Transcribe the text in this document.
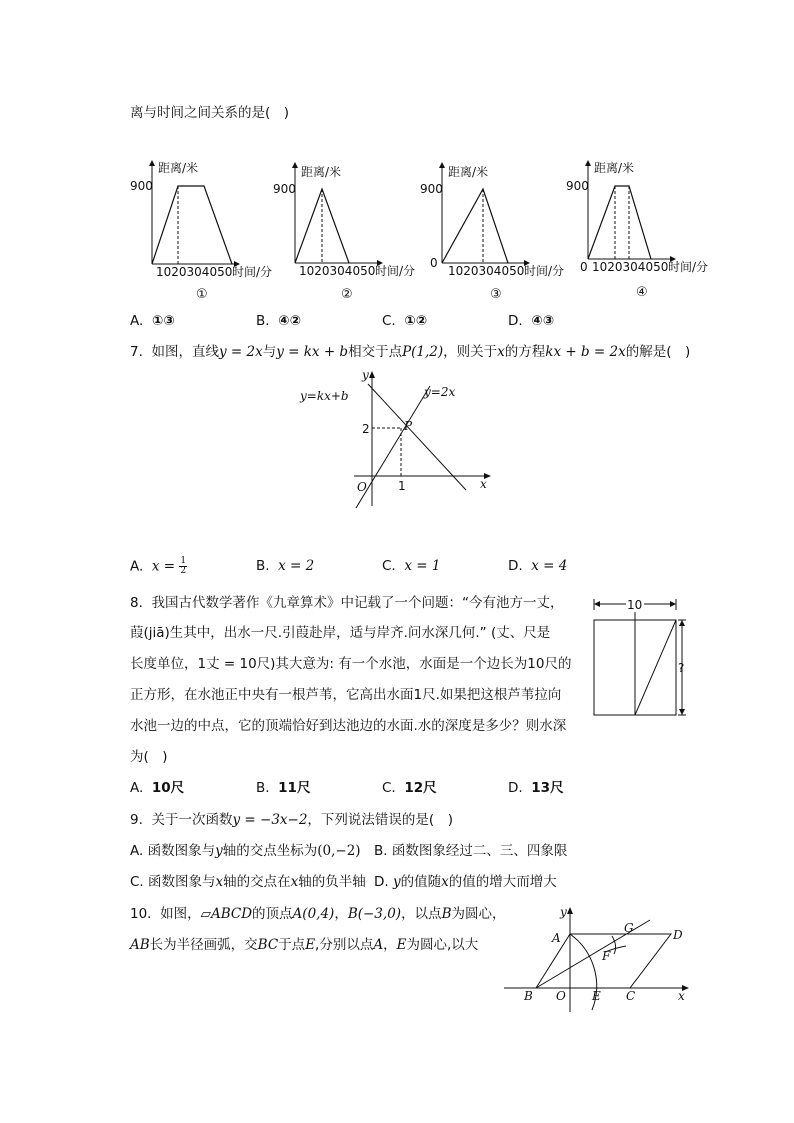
离与时间之间关系的是(　)
距离/米
900
1020304050 时间/分
①
距离/米
900
1020304050 时间/分
②
距离/米
900
0
1020304050 时间/分
③
距离/米
900
0 1020304050 时间/分
④
A. ①③	B. ④②	C. ①②	D. ④③
7. 如图，直线y = 2x与y = kx + b相交于点P(1,2)，则关于x的方程kx + b = 2x的解是(　)
y
x
O
2
1
P
y=kx+b	y=2x
A. $x = \frac{1}{2}$	B. x = 2	C. x = 1	D. x = 4
8. 我国古代数学著作《九章算术》中记载了一个问题：“今有池方一丈，
葭(jiā)生其中，出水一尺.引葭赴岸，适与岸齐.问水深几何.” (丈、尺是
长度单位，1丈 = 10尺)其大意为: 有一个水池，水面是一个边长为10尺的
正方形，在水池正中央有一根芦苇，它高出水面1尺.如果把这根芦苇拉向
水池一边的中点，它的顶端恰好到达池边的水面.水的深度是多少？则水深
为(　)
10
?
A. 10尺	B. 11尺	C. 12尺	D. 13尺
9. 关于一次函数y = −3x−2，下列说法错误的是(　)
A. 函数图象与y轴的交点坐标为(0,−2) B. 函数图象经过二、三、四象限
C. 函数图象与x轴的交点在x轴的负半轴 D. y的值随x的值的增大而增大
10. 如图，▱ABCD的顶点A(0,4)，B(−3,0)，以点B为圆心，
AB长为半径画弧，交BC于点E,分别以点A，E为圆心,以大
y
x
A
B O E C
D
F
G
